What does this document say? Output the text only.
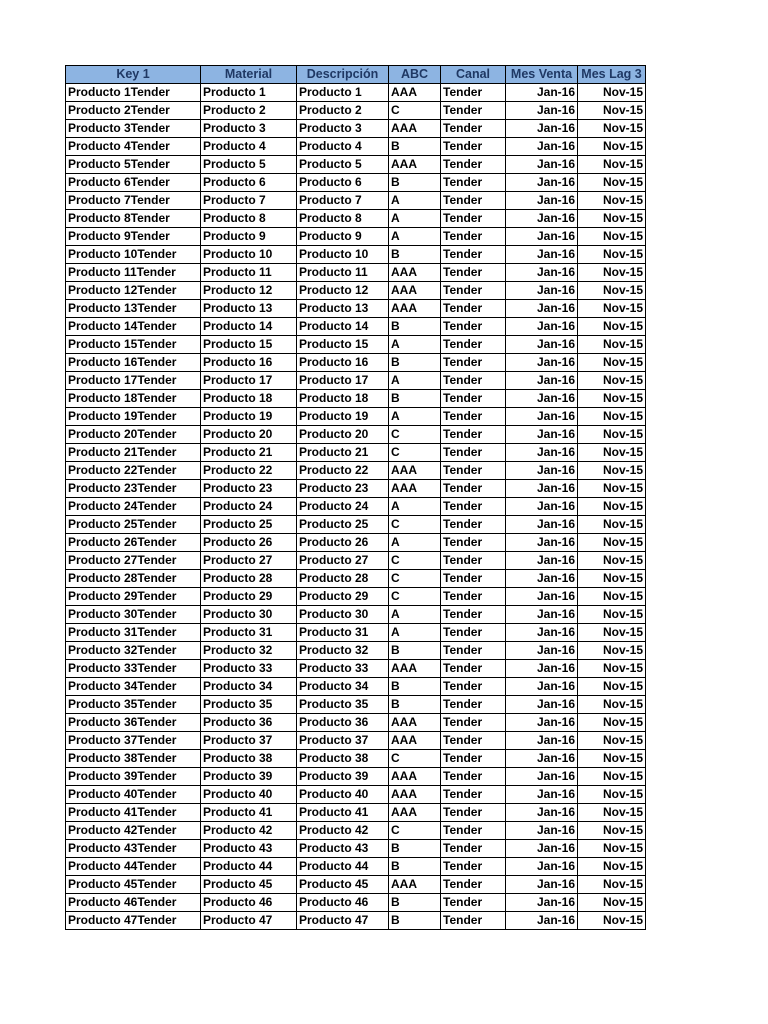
Key 1	Material	Descripción	ABC	Canal	Mes Venta	Mes Lag 3
Producto 1Tender	Producto 1	Producto 1	AAA	Tender	Jan-16	Nov-15
Producto 2Tender	Producto 2	Producto 2	C	Tender	Jan-16	Nov-15
Producto 3Tender	Producto 3	Producto 3	AAA	Tender	Jan-16	Nov-15
Producto 4Tender	Producto 4	Producto 4	B	Tender	Jan-16	Nov-15
Producto 5Tender	Producto 5	Producto 5	AAA	Tender	Jan-16	Nov-15
Producto 6Tender	Producto 6	Producto 6	B	Tender	Jan-16	Nov-15
Producto 7Tender	Producto 7	Producto 7	A	Tender	Jan-16	Nov-15
Producto 8Tender	Producto 8	Producto 8	A	Tender	Jan-16	Nov-15
Producto 9Tender	Producto 9	Producto 9	A	Tender	Jan-16	Nov-15
Producto 10Tender	Producto 10	Producto 10	B	Tender	Jan-16	Nov-15
Producto 11Tender	Producto 11	Producto 11	AAA	Tender	Jan-16	Nov-15
Producto 12Tender	Producto 12	Producto 12	AAA	Tender	Jan-16	Nov-15
Producto 13Tender	Producto 13	Producto 13	AAA	Tender	Jan-16	Nov-15
Producto 14Tender	Producto 14	Producto 14	B	Tender	Jan-16	Nov-15
Producto 15Tender	Producto 15	Producto 15	A	Tender	Jan-16	Nov-15
Producto 16Tender	Producto 16	Producto 16	B	Tender	Jan-16	Nov-15
Producto 17Tender	Producto 17	Producto 17	A	Tender	Jan-16	Nov-15
Producto 18Tender	Producto 18	Producto 18	B	Tender	Jan-16	Nov-15
Producto 19Tender	Producto 19	Producto 19	A	Tender	Jan-16	Nov-15
Producto 20Tender	Producto 20	Producto 20	C	Tender	Jan-16	Nov-15
Producto 21Tender	Producto 21	Producto 21	C	Tender	Jan-16	Nov-15
Producto 22Tender	Producto 22	Producto 22	AAA	Tender	Jan-16	Nov-15
Producto 23Tender	Producto 23	Producto 23	AAA	Tender	Jan-16	Nov-15
Producto 24Tender	Producto 24	Producto 24	A	Tender	Jan-16	Nov-15
Producto 25Tender	Producto 25	Producto 25	C	Tender	Jan-16	Nov-15
Producto 26Tender	Producto 26	Producto 26	A	Tender	Jan-16	Nov-15
Producto 27Tender	Producto 27	Producto 27	C	Tender	Jan-16	Nov-15
Producto 28Tender	Producto 28	Producto 28	C	Tender	Jan-16	Nov-15
Producto 29Tender	Producto 29	Producto 29	C	Tender	Jan-16	Nov-15
Producto 30Tender	Producto 30	Producto 30	A	Tender	Jan-16	Nov-15
Producto 31Tender	Producto 31	Producto 31	A	Tender	Jan-16	Nov-15
Producto 32Tender	Producto 32	Producto 32	B	Tender	Jan-16	Nov-15
Producto 33Tender	Producto 33	Producto 33	AAA	Tender	Jan-16	Nov-15
Producto 34Tender	Producto 34	Producto 34	B	Tender	Jan-16	Nov-15
Producto 35Tender	Producto 35	Producto 35	B	Tender	Jan-16	Nov-15
Producto 36Tender	Producto 36	Producto 36	AAA	Tender	Jan-16	Nov-15
Producto 37Tender	Producto 37	Producto 37	AAA	Tender	Jan-16	Nov-15
Producto 38Tender	Producto 38	Producto 38	C	Tender	Jan-16	Nov-15
Producto 39Tender	Producto 39	Producto 39	AAA	Tender	Jan-16	Nov-15
Producto 40Tender	Producto 40	Producto 40	AAA	Tender	Jan-16	Nov-15
Producto 41Tender	Producto 41	Producto 41	AAA	Tender	Jan-16	Nov-15
Producto 42Tender	Producto 42	Producto 42	C	Tender	Jan-16	Nov-15
Producto 43Tender	Producto 43	Producto 43	B	Tender	Jan-16	Nov-15
Producto 44Tender	Producto 44	Producto 44	B	Tender	Jan-16	Nov-15
Producto 45Tender	Producto 45	Producto 45	AAA	Tender	Jan-16	Nov-15
Producto 46Tender	Producto 46	Producto 46	B	Tender	Jan-16	Nov-15
Producto 47Tender	Producto 47	Producto 47	B	Tender	Jan-16	Nov-15
